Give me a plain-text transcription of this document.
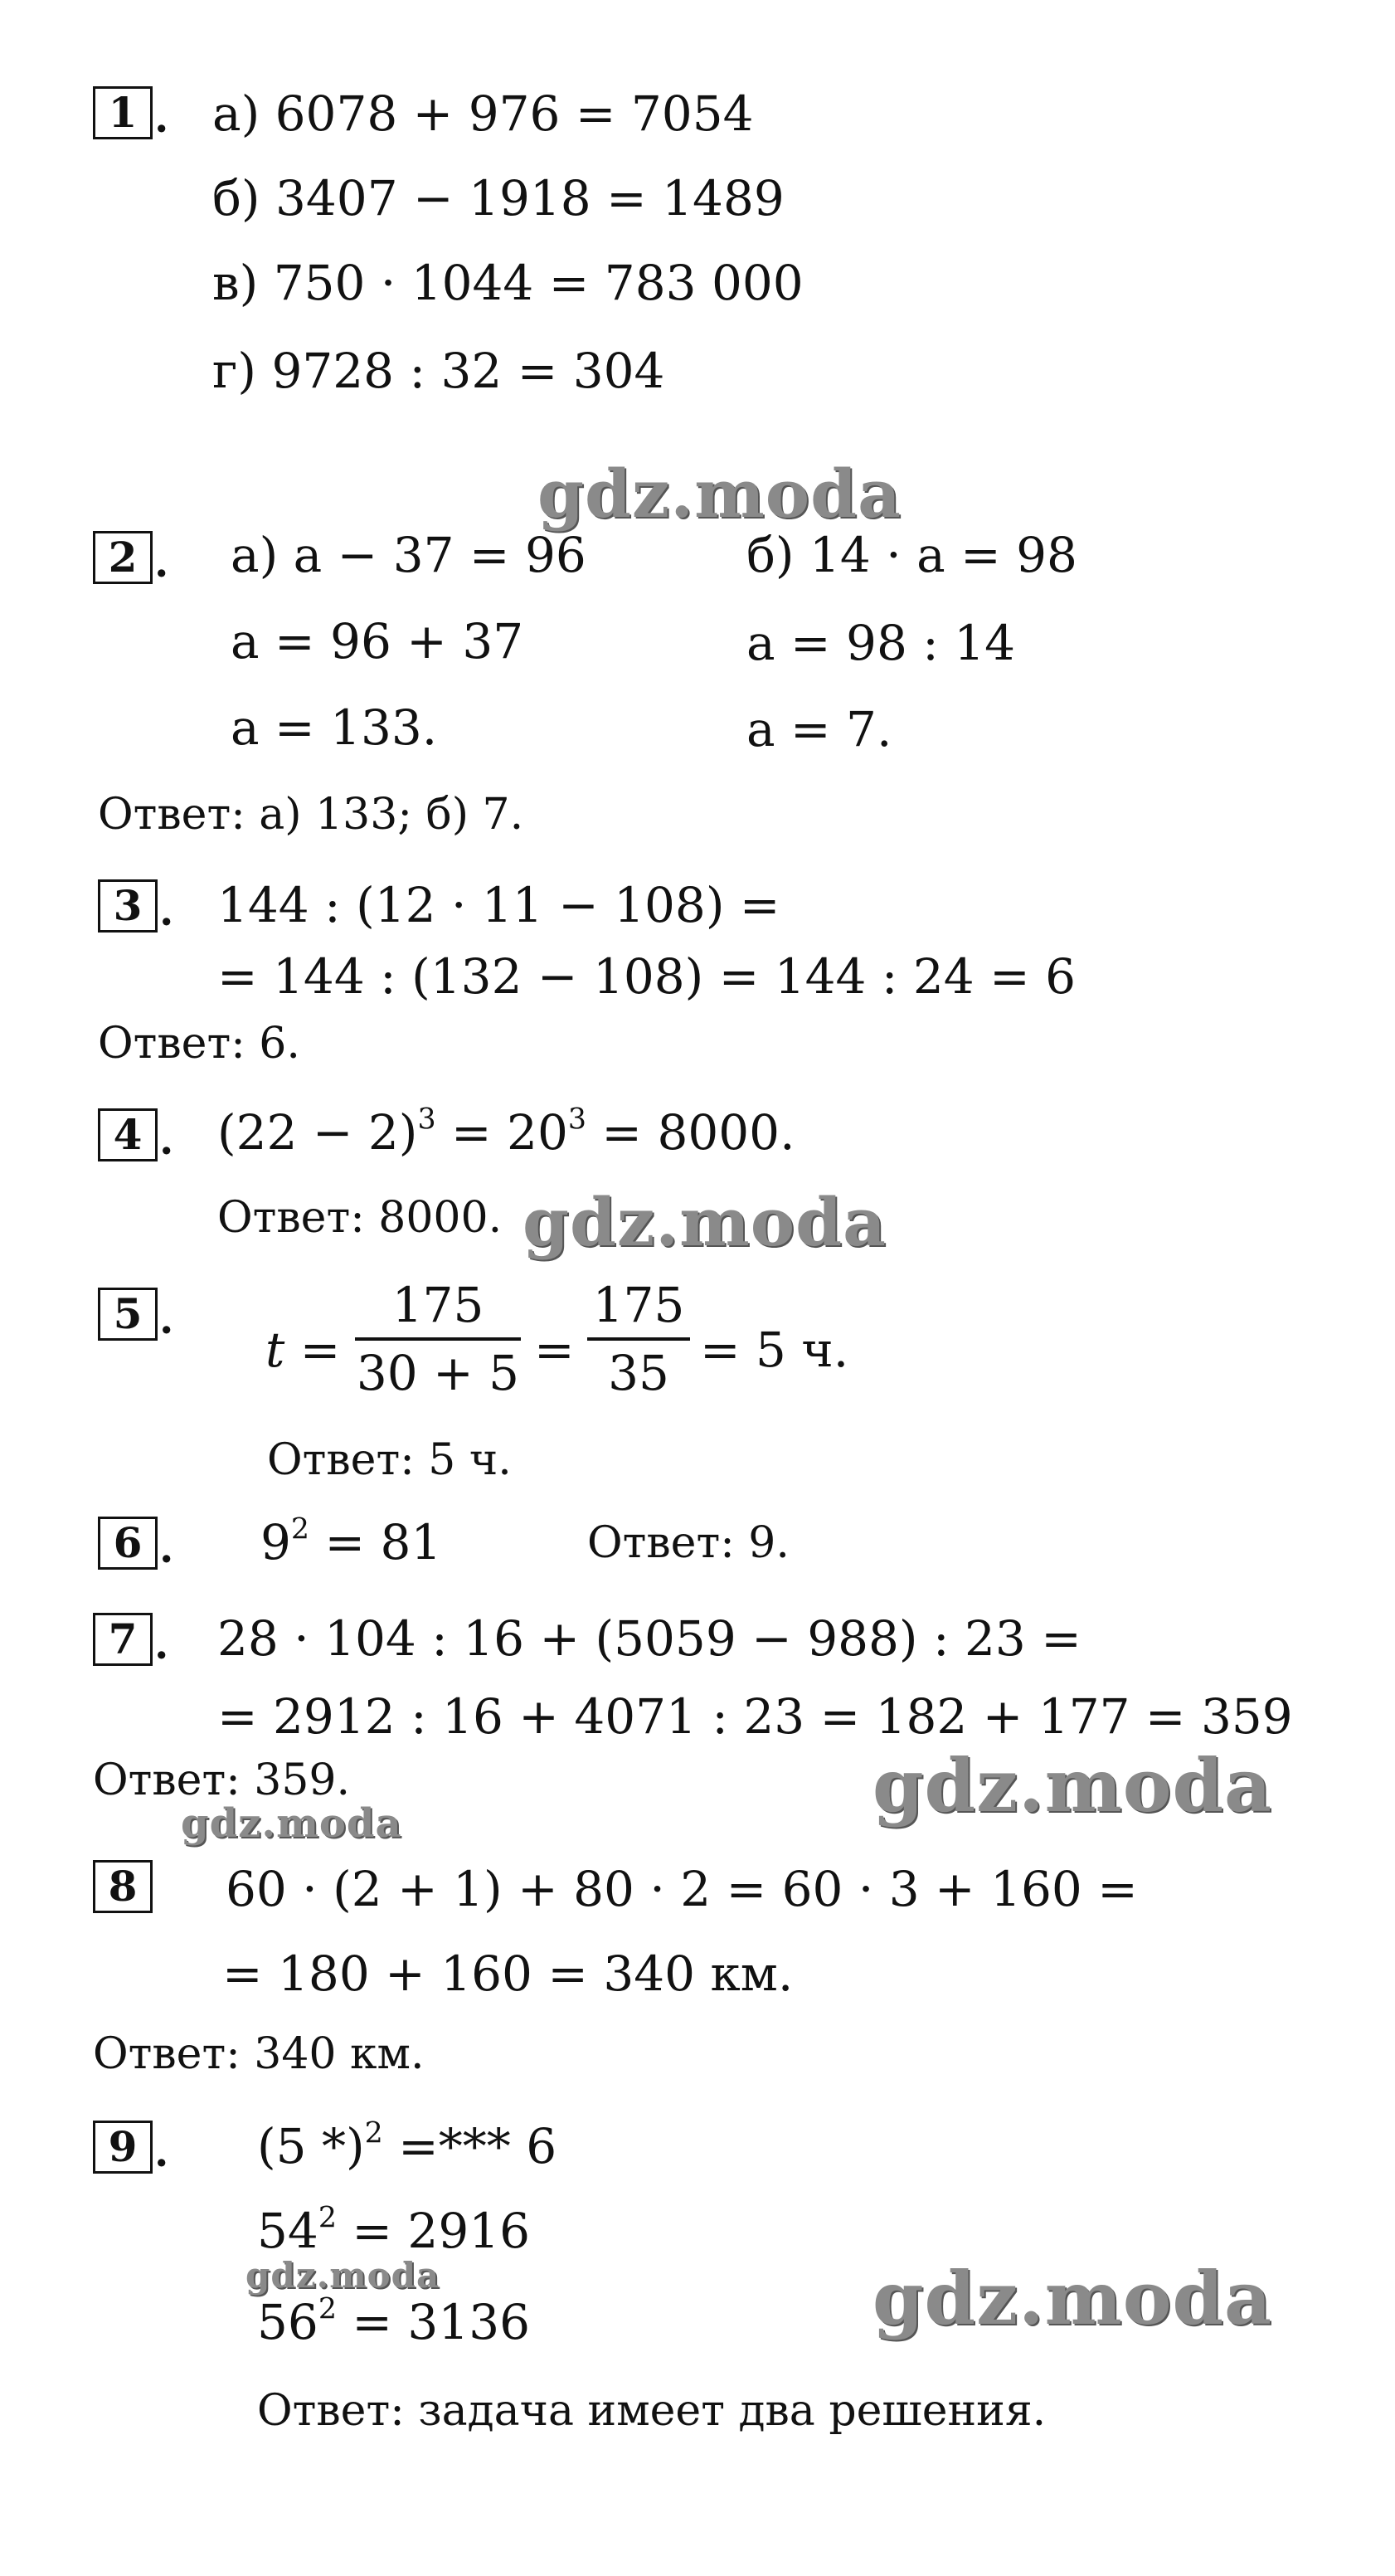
1 . а) 6078 + 976 = 7054
б) 3407 − 1918 = 1489
в) 750 · 1044 = 783 000
г) 9728 : 32 = 304
gdz.moda
2 . а) a − 37 = 96
a = 96 + 37
a = 133.
б) 14 · a = 98
a = 98 : 14
a = 7.
Ответ: а) 133; б) 7.
3 . 144 : (12 · 11 − 108) =
= 144 : (132 − 108) = 144 : 24 = 6
Ответ: 6.
4 . $(22 - 2)^3 = 20^3 = 8000$.
Ответ: 8000. gdz.moda
5 .
t =
175
30 + 5 =
175
35 = 5 ч.
Ответ: 5 ч.
6 . $9^2 = 81$	Ответ: 9.
7 . 28 · 104 : 16 + (5059 − 988) : 23 =
= 2912 : 16 + 4071 : 23 = 182 + 177 = 359
Ответ: 359.	gdz.moda
gdz.moda
8	60 · (2 + 1) + 80 · 2 = 60 · 3 + 160 =
= 180 + 160 = 340 км.
Ответ: 340 км.
9 . (5 *)$^2$ =*** 6
$54^2 = 2916$
gdz.moda
$56^2 = 3136$	gdz.moda
Ответ: задача имеет два решения.
